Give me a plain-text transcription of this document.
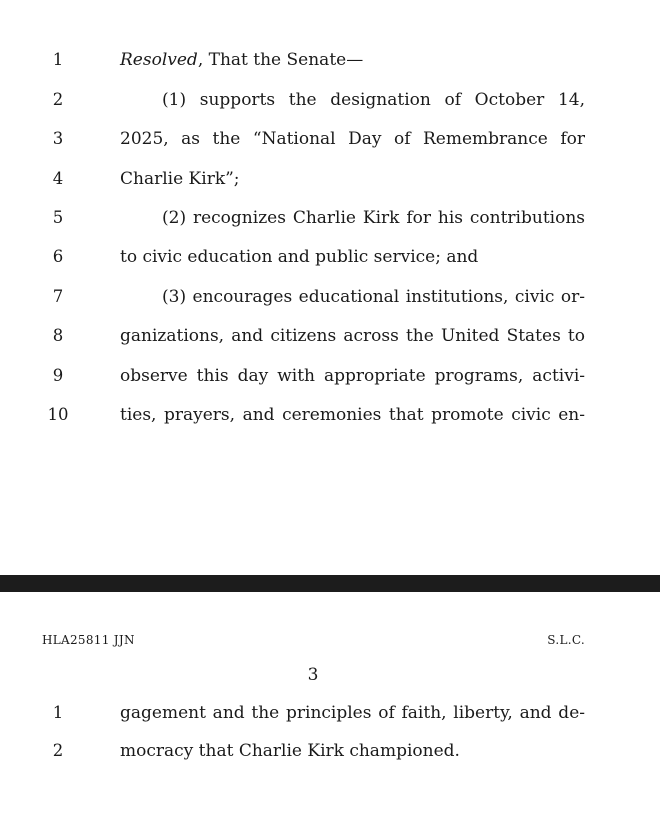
1	Resolved, That the Senate—
2	(1) supports the designation of October 14,
3	2025, as the “National Day of Remembrance for
4	Charlie Kirk”;
5	(2) recognizes Charlie Kirk for his contributions
6	to civic education and public service; and
7	(3) encourages educational institutions, civic or-
8	ganizations, and citizens across the United States to
9	observe this day with appropriate programs, activi-
10	ties, prayers, and ceremonies that promote civic en-
HLA25811 JJN	S.L.C.
3
1	gagement and the principles of faith, liberty, and de-
2	mocracy that Charlie Kirk championed.
